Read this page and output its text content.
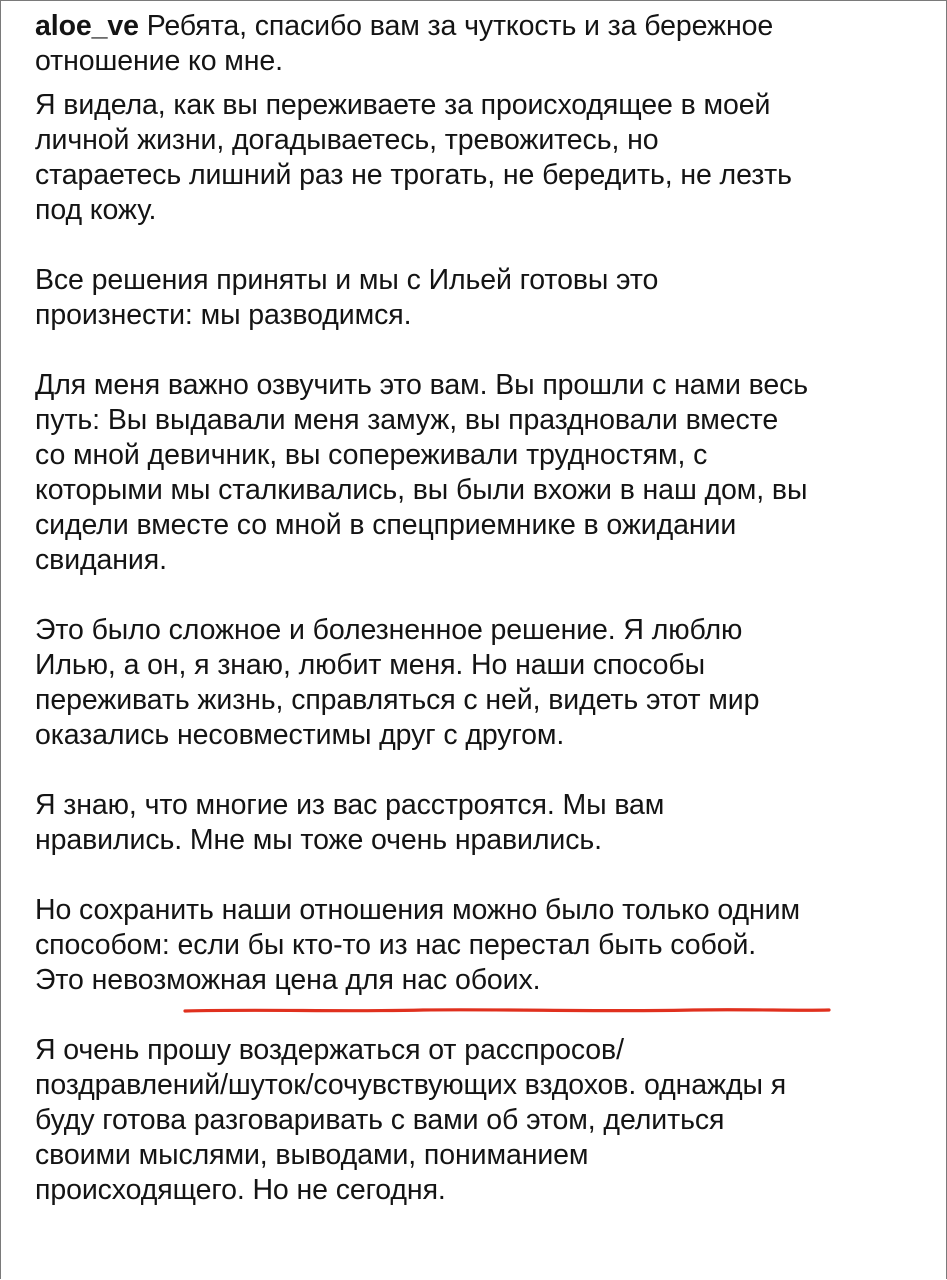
aloe_ve Ребята, спасибо вам за чуткость и за бережное

отношение ко мне.

Я видела, как вы переживаете за происходящее в моей

личной жизни, догадываетесь, тревожитесь, но

стараетесь лишний раз не трогать, не бередить, не лезть

под кожу.

Все решения приняты и мы с Ильей готовы это

произнести: мы разводимся.

Для меня важно озвучить это вам. Вы прошли с нами весь

путь: Вы выдавали меня замуж, вы праздновали вместе

со мной девичник, вы сопереживали трудностям, с

которыми мы сталкивались, вы были вхожи в наш дом, вы

сидели вместе со мной в спецприемнике в ожидании

свидания.

Это было сложное и болезненное решение. Я люблю

Илью, а он, я знаю, любит меня. Но наши способы

переживать жизнь, справляться с ней, видеть этот мир

оказались несовместимы друг с другом.

Я знаю, что многие из вас расстроятся. Мы вам

нравились. Мне мы тоже очень нравились.

Но сохранить наши отношения можно было только одним

способом: если бы кто-то из нас перестал быть собой.

Это невозможная цена для нас обоих.

Я очень прошу воздержаться от расспросов/

поздравлений/шуток/сочувствующих вздохов. однажды я

буду готова разговаривать с вами об этом, делиться

своими мыслями, выводами, пониманием

происходящего. Но не сегодня.
